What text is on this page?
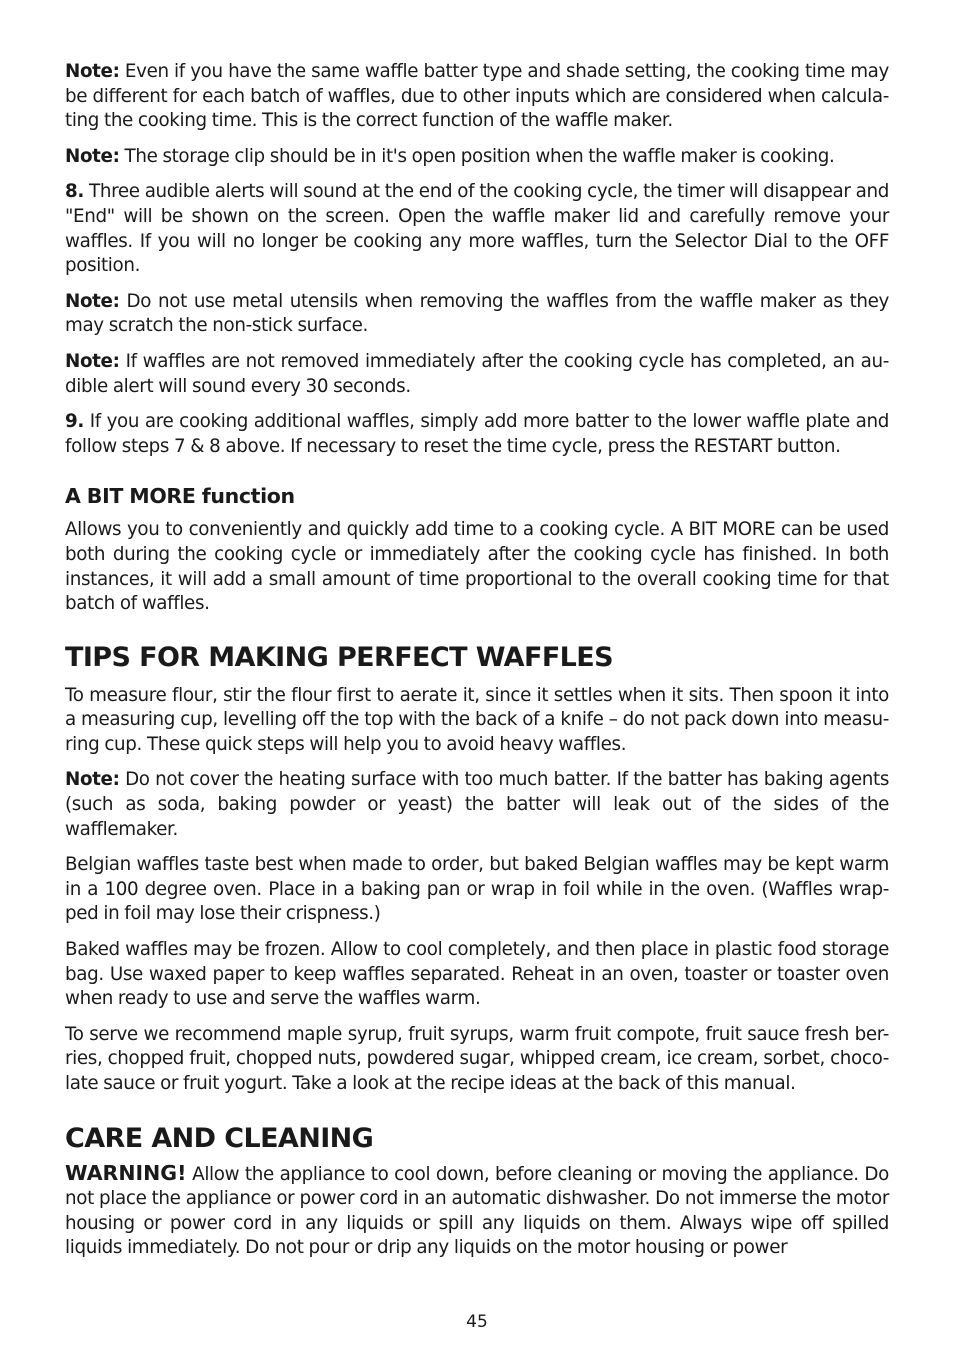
Note: Even if you have the same waffle batter type and shade setting, the cooking time may be different for each batch of waffles, due to other inputs which are considered when calcula-ting the cooking time. This is the correct function of the waffle maker.

Note: The storage clip should be in it's open position when the waffle maker is cooking.

8. Three audible alerts will sound at the end of the cooking cycle, the timer will disappear and "End" will be shown on the screen. Open the waffle maker lid and carefully remove your waffles. If you will no longer be cooking any more waffles, turn the Selector Dial to the OFF position.

Note: Do not use metal utensils when removing the waffles from the waffle maker as they may scratch the non-stick surface.

Note: If waffles are not removed immediately after the cooking cycle has completed, an au-dible alert will sound every 30 seconds.

9. If you are cooking additional waffles, simply add more batter to the lower waffle plate and follow steps 7 & 8 above. If necessary to reset the time cycle, press the RESTART button.

A BIT MORE function

Allows you to conveniently and quickly add time to a cooking cycle. A BIT MORE can be used both during the cooking cycle or immediately after the cooking cycle has finished. In both instances, it will add a small amount of time proportional to the overall cooking time for that batch of waffles.

TIPS FOR MAKING PERFECT WAFFLES

To measure flour, stir the flour first to aerate it, since it settles when it sits. Then spoon it into a measuring cup, levelling off the top with the back of a knife – do not pack down into measu-ring cup. These quick steps will help you to avoid heavy waffles.

Note: Do not cover the heating surface with too much batter. If the batter has baking agents (such as soda, baking powder or yeast) the batter will leak out of the sides of the wafflemaker.

Belgian waffles taste best when made to order, but baked Belgian waffles may be kept warm in a 100 degree oven. Place in a baking pan or wrap in foil while in the oven. (Waffles wrap-ped in foil may lose their crispness.)

Baked waffles may be frozen. Allow to cool completely, and then place in plastic food storage bag. Use waxed paper to keep waffles separated. Reheat in an oven, toaster or toaster oven when ready to use and serve the waffles warm.

To serve we recommend maple syrup, fruit syrups, warm fruit compote, fruit sauce fresh ber-ries, chopped fruit, chopped nuts, powdered sugar, whipped cream, ice cream, sorbet, choco-late sauce or fruit yogurt. Take a look at the recipe ideas at the back of this manual.

CARE AND CLEANING

WARNING! Allow the appliance to cool down, before cleaning or moving the appliance. Do not place the appliance or power cord in an automatic dishwasher. Do not immerse the motor housing or power cord in any liquids or spill any liquids on them. Always wipe off spilled liquids immediately. Do not pour or drip any liquids on the motor housing or power

45
